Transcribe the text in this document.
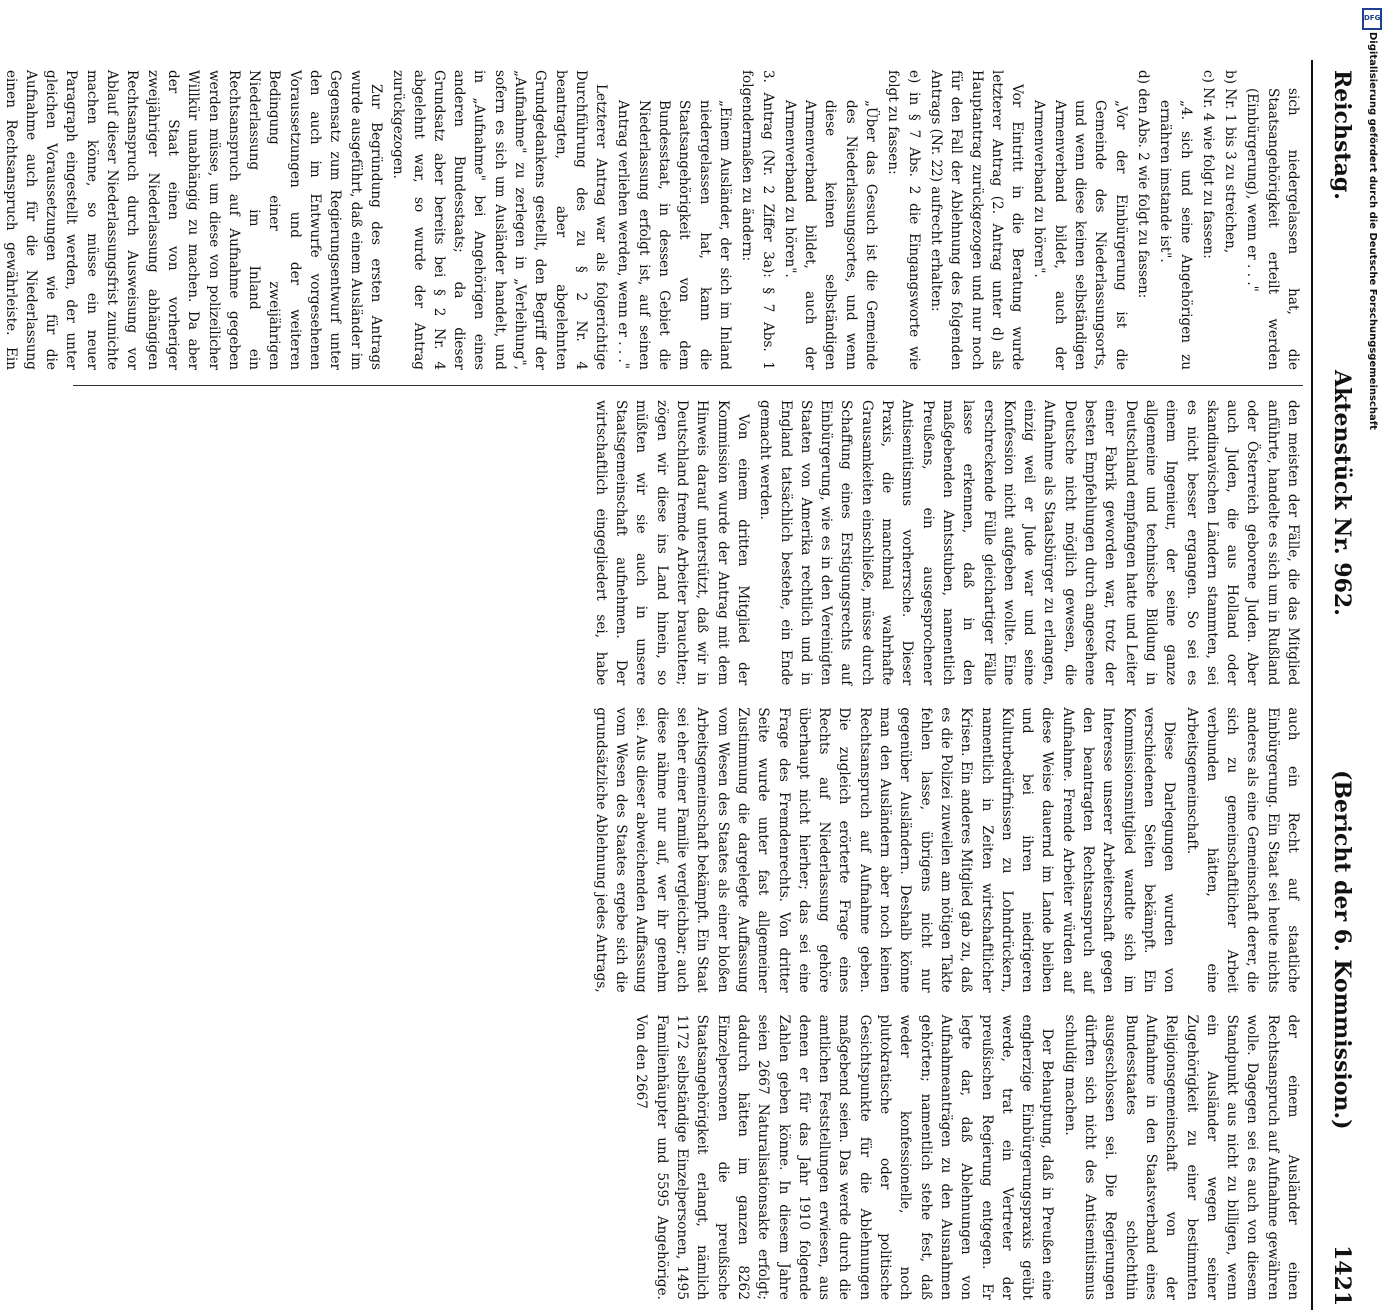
Reichstag.
Aktenstück Nr. 962.
(Bericht der 6. Kommission.)
1421

sich niedergelassen hat, die Staatsangehörigkeit erteilt werden (Einbürgerung), wenn er . . ."

b) Nr. 1 bis 3 zu streichen,

c) Nr. 4 wie folgt zu fassen:

„4. sich und seine Angehörigen zu ernähren imstande ist".

d) den Abs. 2 wie folgt zu fassen:

„Vor der Einbürgerung ist die Gemeinde des Niederlassungsorts, und wenn diese keinen selbständigen Armenverband bildet, auch der Armenverband zu hören".

Vor Eintritt in die Beratung wurde letzterer Antrag (2. Antrag unter d) als Hauptantrag zurückgezogen und nur noch für den Fall der Ablehnung des folgenden Antrags (Nr. 22) aufrecht erhalten:

e) in § 7 Abs. 2 die Eingangsworte wie folgt zu fassen:

„Über das Gesuch ist die Gemeinde des Niederlassungsortes, und wenn diese keinen selbständigen Armenverband bildet, auch der Armenverband zu hören".

3. Antrag (Nr. 2 Ziffer 3a): § 7 Abs. 1 folgendermaßen zu ändern:

„Einem Ausländer, der sich im Inland niedergelassen hat, kann die Staatsangehörigkeit von dem Bundesstaat, in dessen Gebiet die Niederlassung erfolgt ist, auf seinen Antrag verliehen werden, wenn er . . ."

Letzterer Antrag war als folgerichtige Durchführung des zu § 2 Nr. 4 beantragten, aber abgelehnten Grundgedankens gestellt, den Begriff der „Aufnahme" zu zerlegen in „Verleihung", sofern es sich um Ausländer handelt, und in „Aufnahme" bei Angehörigen eines anderen Bundesstaats; da dieser Grundsatz aber bereits bei § 2 Nr. 4 abgelehnt war, so wurde der Antrag zurückgezogen.

Zur Begründung des ersten Antrags wurde ausgeführt, daß einem Ausländer im Gegensatz zum Regierungsentwurf unter den auch im Entwurfe vorgesehenen Voraussetzungen und der weiteren Bedingung einer zweijährigen Niederlassung im Inland ein Rechtsanspruch auf Aufnahme gegeben werden müsse, um diese von polizeilicher Willkür unabhängig zu machen. Da aber der Staat einen von vorheriger zweijähriger Niederlassung abhängigen Rechtsanspruch durch Ausweisung vor Ablauf dieser Niederlassungsfrist zunichte machen könne, so müsse ein neuer Paragraph eingestellt werden, der unter gleichen Voraussetzungen wie für die Aufnahme auch für die Niederlassung einen Rechtsanspruch gewährleiste. Ein

den meisten der Fälle, die das Mitglied anführte, handelte es sich um in Rußland oder Österreich geborene Juden. Aber auch Juden, die aus Holland oder skandinavischen Ländern stammten, sei es nicht besser ergangen. So sei es einem Ingenieur, der seine ganze allgemeine und technische Bildung in Deutschland empfangen hatte und Leiter einer Fabrik geworden war, trotz der besten Empfehlungen durch angesehene Deutsche nicht möglich gewesen, die Aufnahme als Staatsbürger zu erlangen, einzig weil er Jude war und seine Konfession nicht aufgeben wollte. Eine erschreckende Fülle gleichartiger Fälle lasse erkennen, daß in den maßgebenden Amtsstuben, namentlich Preußens, ein ausgesprochener Antisemitismus vorherrsche. Dieser Praxis, die manchmal wahrhafte Grausamkeiten einschließe, müsse durch Schaffung eines Erstigungsrechts auf Einbürgerung, wie es in den Vereinigten Staaten von Amerika rechtlich und in England tatsächlich bestehe, ein Ende gemacht werden.

Von einem dritten Mitglied der Kommission wurde der Antrag mit dem Hinweis darauf unterstützt, daß wir in Deutschland fremde Arbeiter brauchten; zögen wir diese ins Land hinein, so müßten wir sie auch in unsere Staatsgemeinschaft aufnehmen. Der wirtschaftlich eingegliedert sei, habe auch ein Recht auf staatliche Einbürgerung. Ein Staat sei heute nichts anderes als eine Gemeinschaft derer, die sich zu gemeinschaftlicher Arbeit verbunden hätten, eine Arbeitsgemeinschaft.

Diese Darlegungen wurden von verschiedenen Seiten bekämpft. Ein Kommissionsmitglied wandte sich im Interesse unserer Arbeiterschaft gegen den beantragten Rechtsanspruch auf Aufnahme. Fremde Arbeiter würden auf diese Weise dauernd im Lande bleiben und bei ihren niedrigeren Kulturbedürfnissen zu Lohndrückern, namentlich in Zeiten wirtschaftlicher Krisen. Ein anderes Mitglied gab zu, daß es die Polizei zuweilen am nötigen Takte fehlen lasse, übrigens nicht nur gegenüber Ausländern. Deshalb könne man den Ausländern aber noch keinen Rechtsanspruch auf Aufnahme geben. Die zugleich erörterte Frage eines Rechts auf Niederlassung gehöre überhaupt nicht hierher; das sei eine Frage des Fremdenrechts. Von dritter Seite wurde unter fast allgemeiner Zustimmung die dargelegte Auffassung vom Wesen des Staates als einer bloßen Arbeitsgemeinschaft bekämpft. Ein Staat sei eher einer Familie vergleichbar; auch diese nähme nur auf, wer ihr genehm sei. Aus dieser abweichenden Auffassung vom Wesen des Staates ergebe sich die grundsätzliche Ablehnung jedes Antrags, der einem Ausländer einen Rechtsanspruch auf Aufnahme gewähren wolle. Dagegen sei es auch von diesem Standpunkt aus nicht zu billigen, wenn ein Ausländer wegen seiner Zugehörigkeit zu einer bestimmten Religionsgemeinschaft von der Aufnahme in den Staatsverband eines Bundesstaates schlechthin ausgeschlossen sei. Die Regierungen dürften sich nicht des Antisemitismus schuldig machen.

Der Behauptung, daß in Preußen eine engherzige Einbürgerungspraxis geübt werde, trat ein Vertreter der preußischen Regierung entgegen. Er legte dar, daß Ablehnungen von Aufnahmeanträgen zu den Ausnahmen gehörten; namentlich stehe fest, daß weder konfessionelle, noch plutokratische oder politische Gesichtspunkte für die Ablehnungen maßgebend seien. Das werde durch die amtlichen Feststellungen erwiesen, aus denen er für das Jahr 1910 folgende Zahlen geben könne. In diesem Jahre seien 2667 Naturalisationsakte erfolgt; dadurch hätten im ganzen 8262 Einzelpersonen die preußische Staatsangehörigkeit erlangt, nämlich 1172 selbständige Einzelpersonen, 1495 Familienhäupter und 5595 Angehörige. Von den 2667

DFG
Digitalisierung gefördert durch die Deutsche Forschungsgemeinschaft
